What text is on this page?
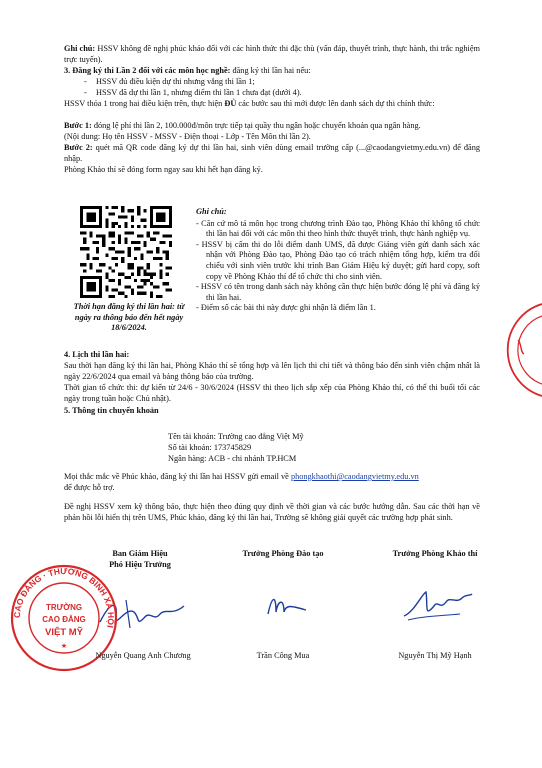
Ghi chú: HSSV không đề nghị phúc khảo đối với các hình thức thi đặc thù (vấn đáp, thuyết trình, thực hành, thi trắc nghiệm trực tuyến).

3. Đăng ký thi Lần 2 đối với các môn học nghề: đăng ký thi lần hai nếu:

- HSSV đủ điều kiện dự thi nhưng vắng thi lần 1;

- HSSV đã dự thi lần 1, nhưng điểm thi lần 1 chưa đạt (dưới 4).

HSSV thỏa 1 trong hai điều kiện trên, thực hiện ĐỦ các bước sau thì mới được lên danh sách dự thi chính thức:

Bước 1: đóng lệ phí thi lần 2, 100.000đ/môn trực tiếp tại quầy thu ngân hoặc chuyển khoản qua ngân hàng.

(Nội dung: Họ tên HSSV - MSSV - Điện thoại - Lớp - Tên Môn thi lần 2).

Bước 2: quét mã QR code đăng ký dự thi lần hai, sinh viên dùng email trường cấp (...@caodangvietmy.edu.vn) để đăng nhập.

Phòng Khảo thí sẽ đóng form ngay sau khi hết hạn đăng ký.

Thời hạn đăng ký thi lần hai: từ ngày ra thông báo đến hết ngày 18/6/2024.

Ghi chú:

- Căn cứ mô tả môn học trong chương trình Đào tạo, Phòng Khảo thí không tổ chức thi lần hai đối với các môn thi theo hình thức thuyết trình, thực hành nghiệp vụ.

- HSSV bị cấm thi do lỗi điểm danh UMS, đã được Giảng viên gửi danh sách xác nhận với Phòng Đào tạo, Phòng Đào tạo có trách nhiệm tổng hợp, kiểm tra đối chiếu với sinh viên trước khi trình Ban Giám Hiệu ký duyệt; gửi hard copy, soft copy về Phòng Khảo thí để tổ chức thi cho sinh viên.

- HSSV có tên trong danh sách này không cần thực hiện bước đóng lệ phí và đăng ký thi lần hai.

- Điểm số các bài thi này được ghi nhận là điểm lần 1.

4. Lịch thi lần hai:

Sau thời hạn đăng ký thi lần hai, Phòng Khảo thí sẽ tổng hợp và lên lịch thi chi tiết và thông báo đến sinh viên chậm nhất là ngày 22/6/2024 qua email và bảng thông báo của trường.

Thời gian tổ chức thi: dự kiến từ 24/6 - 30/6/2024 (HSSV thi theo lịch sắp xếp của Phòng Khảo thí, có thể thi buổi tối các ngày trong tuần hoặc Chủ nhật).

5. Thông tin chuyển khoản

Tên tài khoản: Trường cao đẳng Việt Mỹ

Số tài khoản: 173745829

Ngân hàng: ACB - chi nhánh TP.HCM

Mọi thắc mắc về Phúc khảo, đăng ký thi lần hai HSSV gửi email về phongkhaothi@caodangvietmy.edu.vn
để được hỗ trợ.

Đề nghị HSSV xem kỹ thông báo, thực hiện theo đúng quy định về thời gian và các bước hướng dẫn. Sau các thời hạn về phản hồi lỗi hiển thị trên UMS, Phúc khảo, đăng ký thi lần hai, Trường sẽ không giải quyết các trường hợp phát sinh.

Ban Giám Hiệu
Phó Hiệu Trưởng

Trưởng Phòng Đào tạo	Trưởng Phòng Khảo thí

CAO ĐẲNG · THƯƠNG BINH XÃ HỘI
TRƯỜNG
CAO ĐẲNG
VIỆT MỸ
★

Nguyễn Quang Anh Chương	Trần Công Mua	Nguyễn Thị Mỹ Hạnh
